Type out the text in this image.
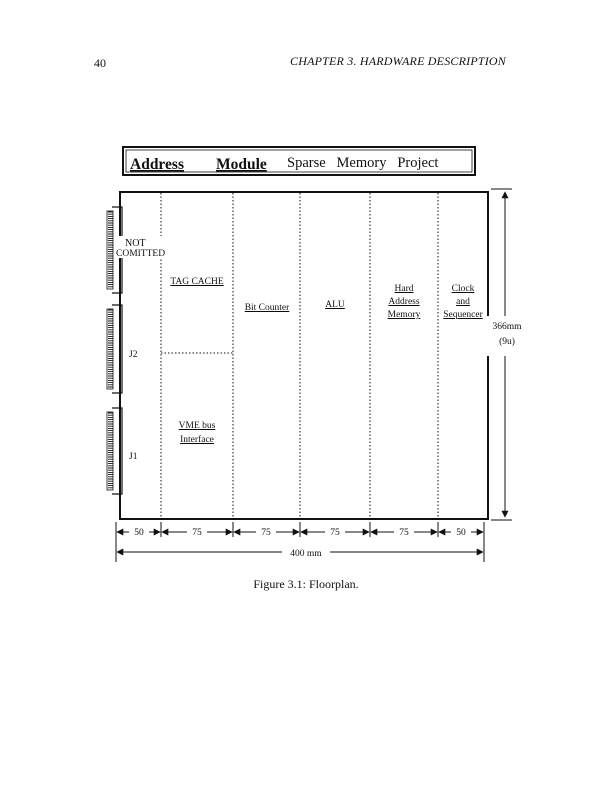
40	CHAPTER 3. HARDWARE DESCRIPTION
Address Module Sparse   Memory   Project
NOT
COMITTED
J2
J1
TAG CACHE
VME bus
Interface
Bit Counter	ALU
Hard
Address
Memory
Clock
and
Sequencer
366mm
(9u)
50	75	75	75	75	50
400 mm
Figure 3.1: Floorplan.
